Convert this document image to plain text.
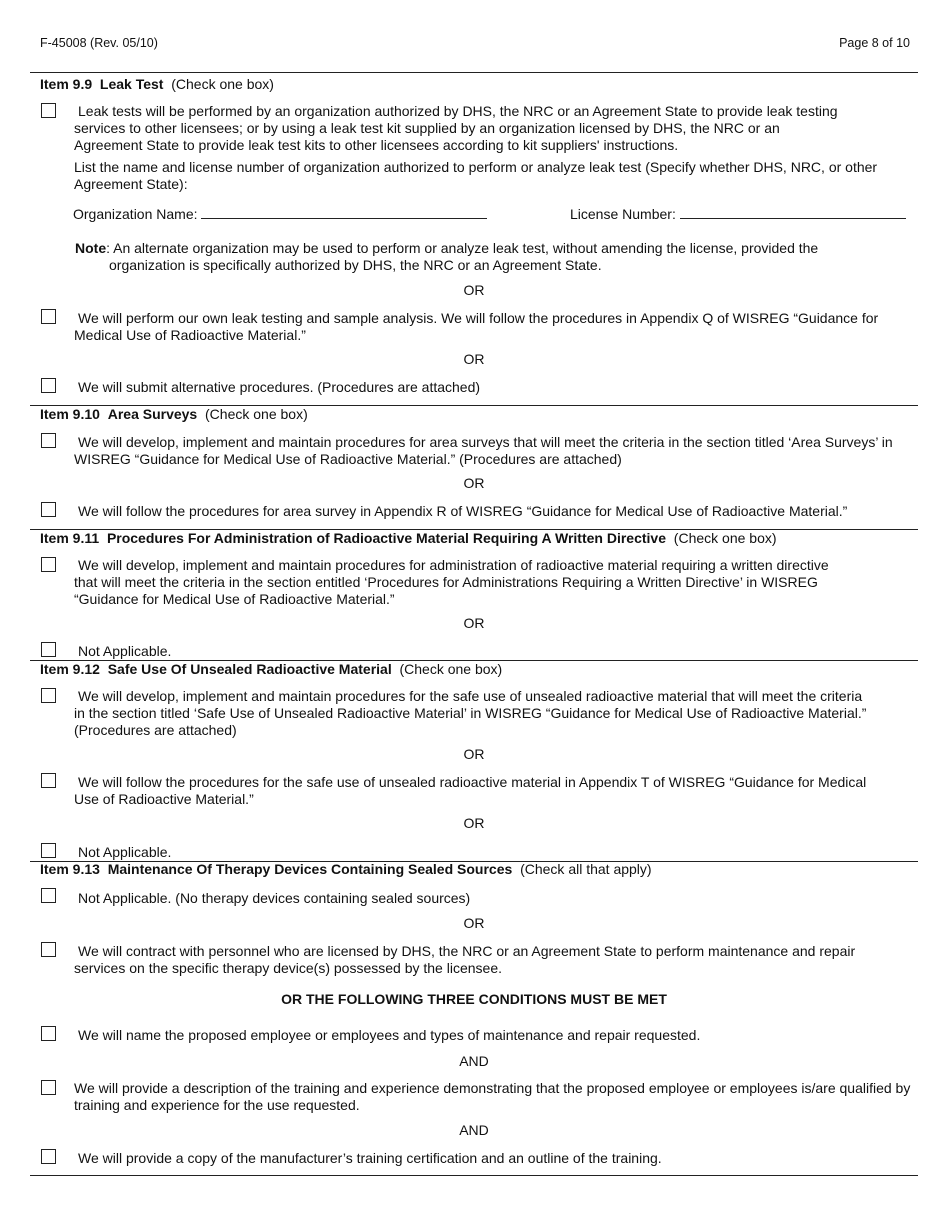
F-45008 (Rev. 05/10)	Page 8 of 10
Item 9.9 Leak Test (Check one box)
Leak tests will be performed by an organization authorized by DHS, the NRC or an Agreement State to provide leak testing
services to other licensees; or by using a leak test kit supplied by an organization licensed by DHS, the NRC or an
Agreement State to provide leak test kits to other licensees according to kit suppliers' instructions.
List the name and license number of organization authorized to perform or analyze leak test (Specify whether DHS, NRC, or other
Agreement State):
Organization Name:	License Number:
Note: An alternate organization may be used to perform or analyze leak test, without amending the license, provided the
organization is specifically authorized by DHS, the NRC or an Agreement State.
OR
We will perform our own leak testing and sample analysis. We will follow the procedures in Appendix Q of WISREG “Guidance for
Medical Use of Radioactive Material.”
OR
We will submit alternative procedures. (Procedures are attached)
Item 9.10 Area Surveys (Check one box)
We will develop, implement and maintain procedures for area surveys that will meet the criteria in the section titled ‘Area Surveys’ in
WISREG “Guidance for Medical Use of Radioactive Material.” (Procedures are attached)
OR
We will follow the procedures for area survey in Appendix R of WISREG “Guidance for Medical Use of Radioactive Material.”
Item 9.11 Procedures For Administration of Radioactive Material Requiring A Written Directive (Check one box)
We will develop, implement and maintain procedures for administration of radioactive material requiring a written directive
that will meet the criteria in the section entitled ‘Procedures for Administrations Requiring a Written Directive’ in WISREG
“Guidance for Medical Use of Radioactive Material.”
OR
Not Applicable.
Item 9.12 Safe Use Of Unsealed Radioactive Material (Check one box)
We will develop, implement and maintain procedures for the safe use of unsealed radioactive material that will meet the criteria
in the section titled ‘Safe Use of Unsealed Radioactive Material’ in WISREG “Guidance for Medical Use of Radioactive Material.”
(Procedures are attached)
OR
We will follow the procedures for the safe use of unsealed radioactive material in Appendix T of WISREG “Guidance for Medical
Use of Radioactive Material.”
OR
Not Applicable.
Item 9.13 Maintenance Of Therapy Devices Containing Sealed Sources (Check all that apply)
Not Applicable. (No therapy devices containing sealed sources)
OR
We will contract with personnel who are licensed by DHS, the NRC or an Agreement State to perform maintenance and repair
services on the specific therapy device(s) possessed by the licensee.
OR THE FOLLOWING THREE CONDITIONS MUST BE MET
We will name the proposed employee or employees and types of maintenance and repair requested.
AND
We will provide a description of the training and experience demonstrating that the proposed employee or employees is/are qualified by
training and experience for the use requested.
AND
We will provide a copy of the manufacturer’s training certification and an outline of the training.
